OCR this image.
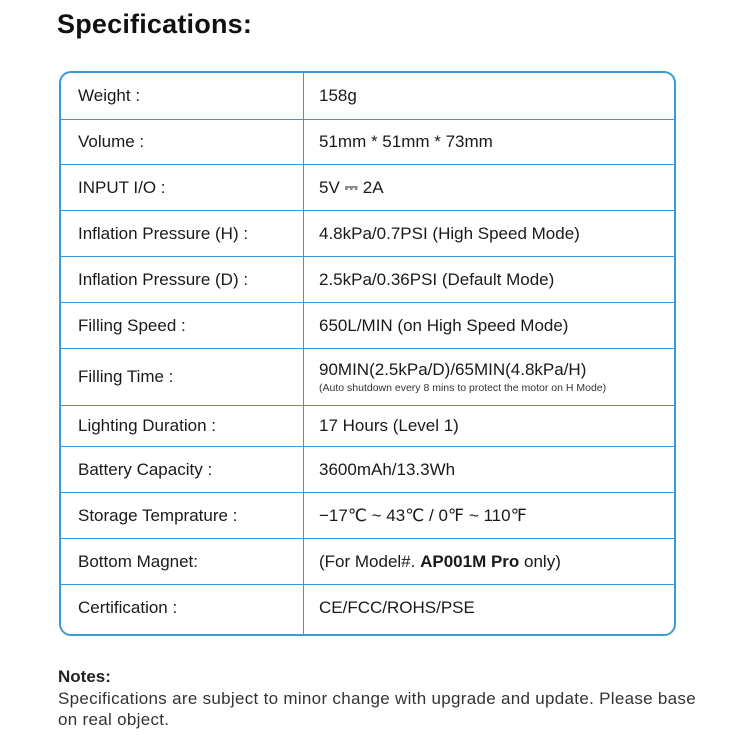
Specifications:
Weight :	158g
Volume :	51mm * 51mm * 73mm
INPUT I/O :	5V ⎓ 2A
Inflation Pressure (H) :	4.8kPa/0.7PSI (High Speed Mode)
Inflation Pressure (D) :	2.5kPa/0.36PSI (Default Mode)
Filling Speed :	650L/MIN (on High Speed Mode)
Filling Time :	90MIN(2.5kPa/D)/65MIN(4.8kPa/H)
(Auto shutdown every 8 mins to protect the motor on H Mode)
Lighting Duration :	17 Hours (Level 1)
Battery Capacity :	3600mAh/13.3Wh
Storage Temprature :	−17℃ ~ 43℃ / 0℉ ~ 110℉
Bottom Magnet:	(For Model#. AP001M Pro only)
Certification :	CE/FCC/ROHS/PSE
Notes:
Specifications are subject to minor change with upgrade and update. Please base on real object.
